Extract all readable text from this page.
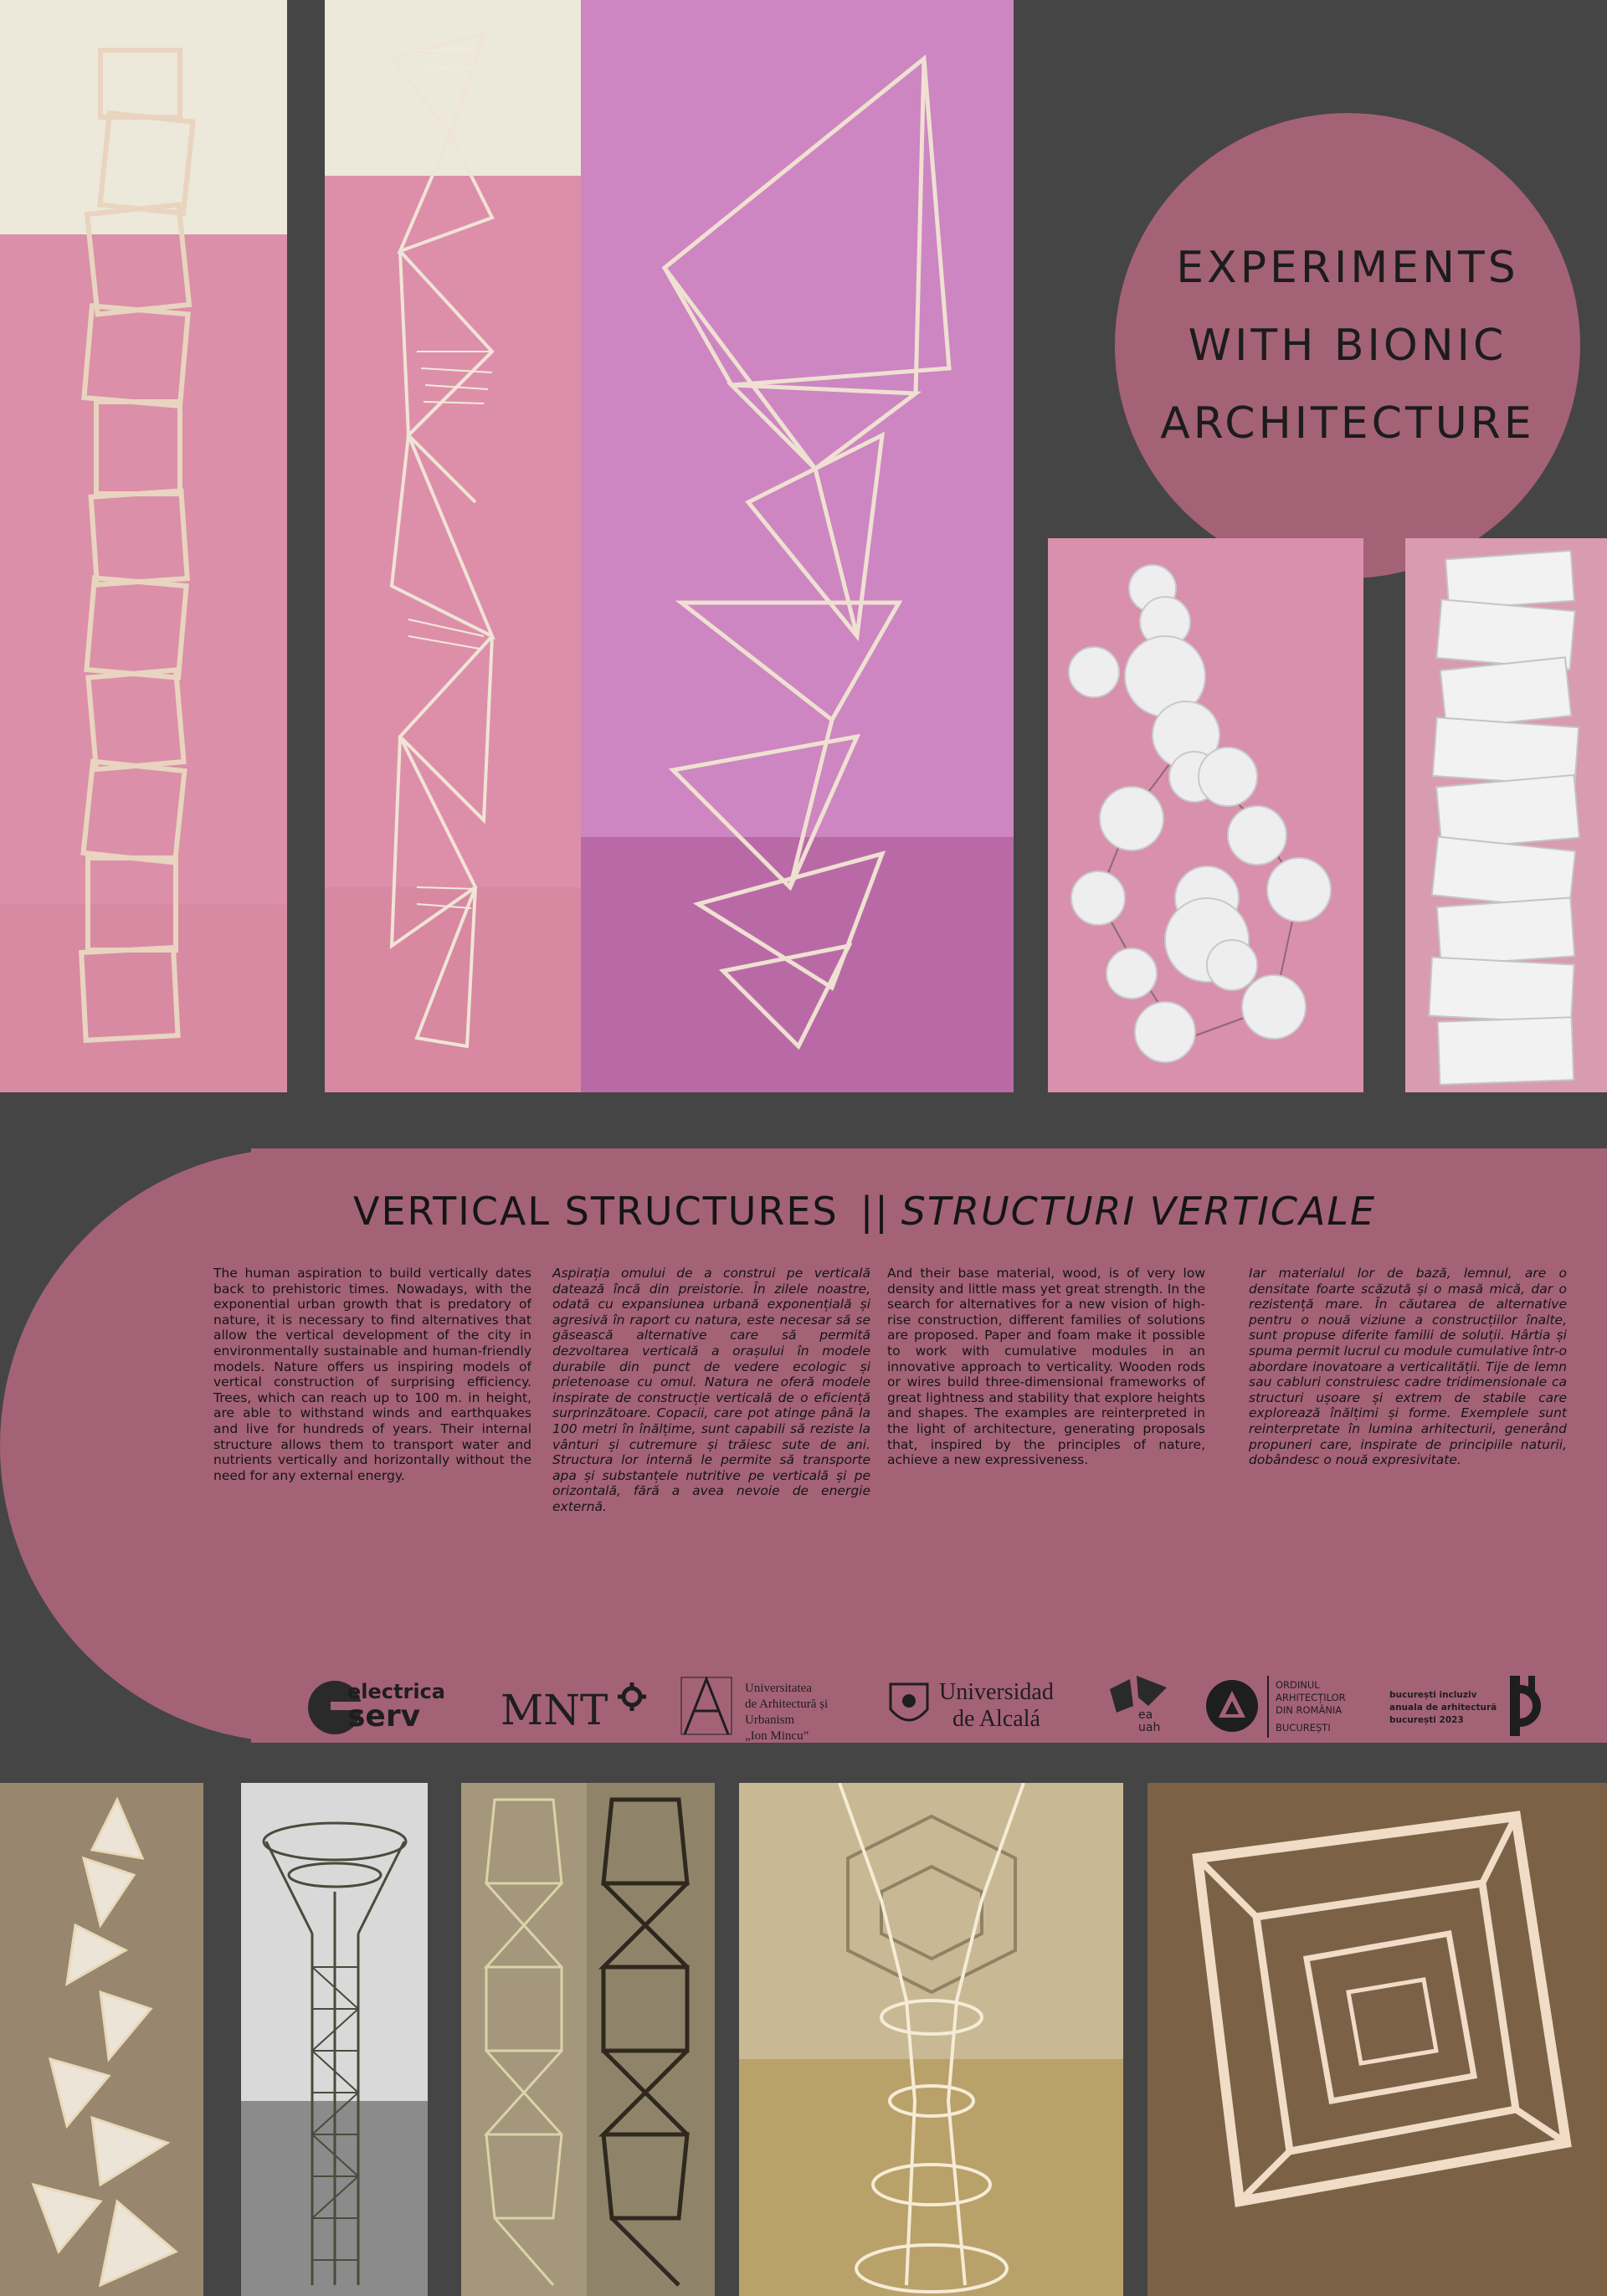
EXPERIMENTS
WITH BIONIC
ARCHITECTURE
VERTICAL STRUCTURES || STRUCTURI VERTICALE
The human aspiration to build vertically dates back to prehistoric times. Nowadays, with the exponential urban growth that is predatory of nature, it is necessary to find alternatives that allow the vertical development of the city in environmentally sustainable and human-friendly models. Nature offers us inspiring models of vertical construction of surprising efficiency. Trees, which can reach up to 100 m. in height, are able to withstand winds and earthquakes and live for hundreds of years. Their internal structure allows them to transport water and nutrients vertically and horizontally without the need for any external energy.
Aspirația omului de a construi pe verticală datează încă din preistorie. În zilele noastre, odată cu expansiunea urbană exponențială și agresivă în raport cu natura, este necesar să se găsească alternative care să permită dezvoltarea verticală a orașului în modele durabile din punct de vedere ecologic și prietenoase cu omul. Natura ne oferă modele inspirate de construcție verticală de o eficiență surprinzătoare. Copacii, care pot atinge până la 100 metri în înălțime, sunt capabili să reziste la vânturi și cutremure și trăiesc sute de ani. Structura lor internă le permite să transporte apa și substanțele nutritive pe verticală și pe orizontală, fără a avea nevoie de energie externă.
And their base material, wood, is of very low density and little mass yet great strength. In the search for alternatives for a new vision of high-rise construction, different families of solutions are proposed. Paper and foam make it possible to work with cumulative modules in an innovative approach to verticality. Wooden rods or wires build three-dimensional frameworks of great lightness and stability that explore heights and shapes. The examples are reinterpreted in the light of architecture, generating proposals that, inspired by the principles of nature, achieve a new expressiveness.
Iar materialul lor de bază, lemnul, are o densitate foarte scăzută și o masă mică, dar o rezistență mare. În căutarea de alternative pentru o nouă viziune a construcțiilor înalte, sunt propuse diferite familii de soluții. Hârtia și spuma permit lucrul cu module cumulative într-o abordare inovatoare a verticalității. Tije de lemn sau cabluri construiesc cadre tridimensionale ca structuri ușoare și extrem de stabile care explorează înălțimi și forme. Exemplele sunt reinterpretate în lumina arhitecturii, generând propuneri care, inspirate de principiile naturii, dobândesc o nouă expresivitate.
electrica
serv MNT	Universitatea
de Arhitectură și Urbanism
„Ion Mincu”
Universidad
de Alcalá	ea
uah
ORDINUL
ARHITECȚILOR
DIN ROMÂNIA
BUCUREȘTI
bucurești incluziv
anuala de arhitectură
bucurești 2023
